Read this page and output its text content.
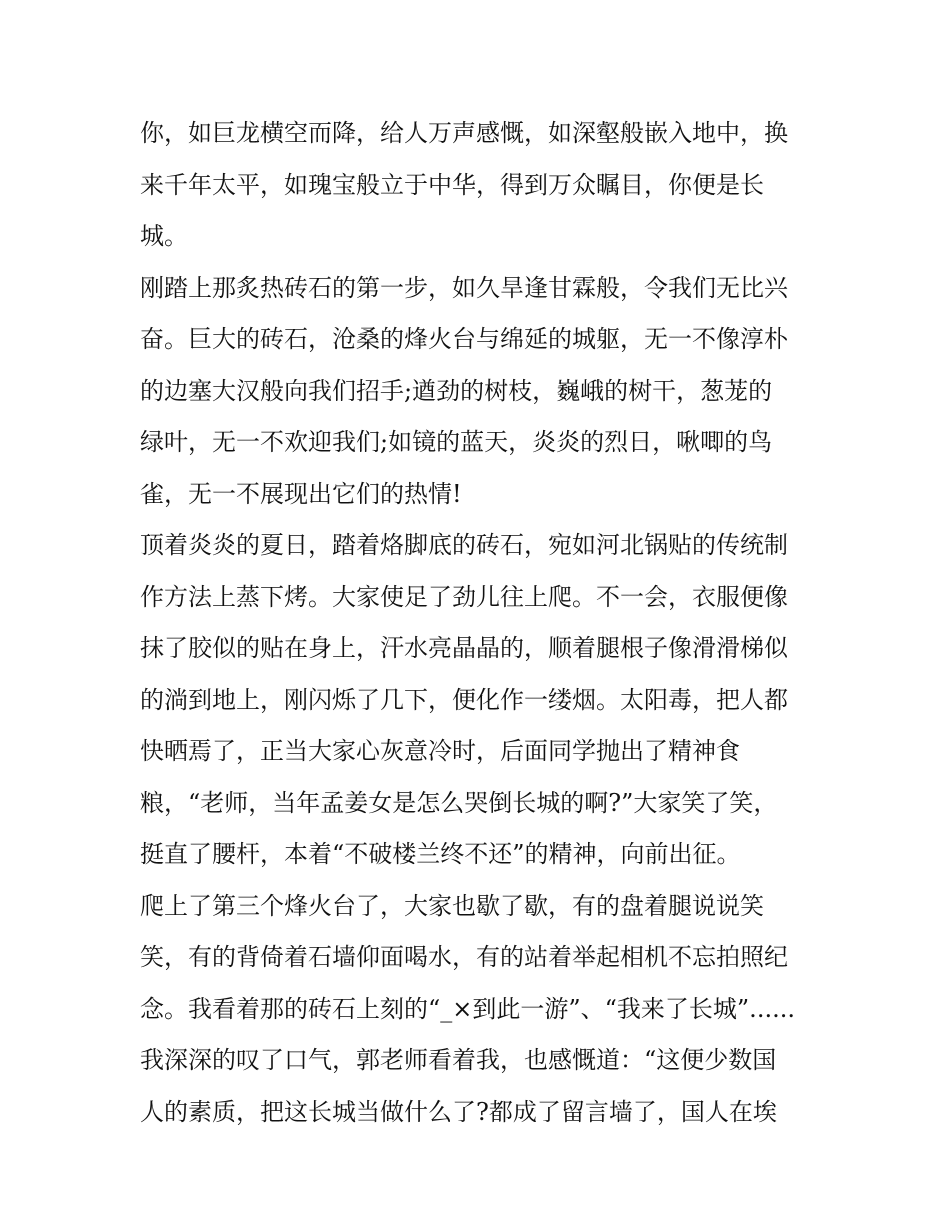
你，如巨龙横空而降，给人万声感慨，如深壑般嵌入地中，换
来千年太平，如瑰宝般立于中华，得到万众瞩目，你便是长
城。
刚踏上那炙热砖石的第一步，如久旱逢甘霖般，令我们无比兴
奋。巨大的砖石，沧桑的烽火台与绵延的城躯，无一不像淳朴
的边塞大汉般向我们招手;遒劲的树枝，巍峨的树干，葱茏的
绿叶，无一不欢迎我们;如镜的蓝天，炎炎的烈日，啾唧的鸟
雀，无一不展现出它们的热情!
顶着炎炎的夏日，踏着烙脚底的砖石，宛如河北锅贴的传统制
作方法上蒸下烤。大家使足了劲儿往上爬。不一会，衣服便像
抹了胶似的贴在身上，汗水亮晶晶的，顺着腿根子像滑滑梯似
的淌到地上，刚闪烁了几下，便化作一缕烟。太阳毒，把人都
快晒焉了，正当大家心灰意冷时，后面同学抛出了精神食
粮，“老师，当年孟姜女是怎么哭倒长城的啊?”大家笑了笑，
挺直了腰杆，本着“不破楼兰终不还”的精神，向前出征。
爬上了第三个烽火台了，大家也歇了歇，有的盘着腿说说笑
笑，有的背倚着石墙仰面喝水，有的站着举起相机不忘拍照纪
念。我看着那的砖石上刻的“_×到此一游”、“我来了长城”......
我深深的叹了口气，郭老师看着我，也感慨道：“这便少数国
人的素质，把这长城当做什么了?都成了留言墙了，国人在埃
